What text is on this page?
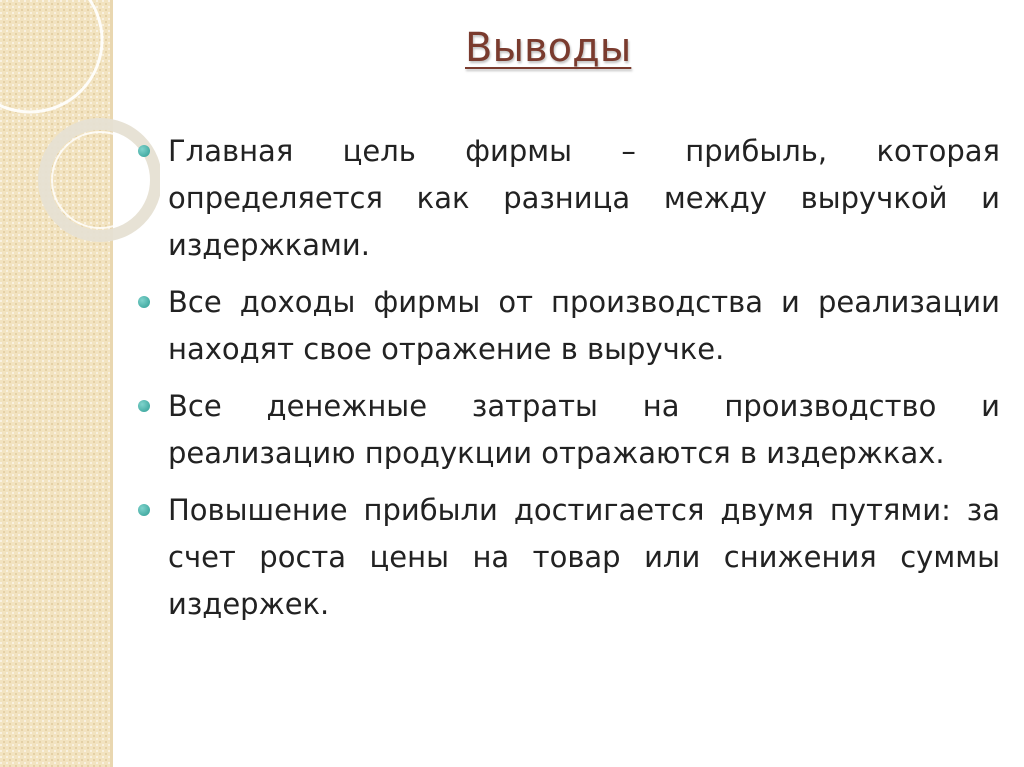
Выводы
Главная цель фирмы – прибыль, которая определяется как разница между выручкой и издержками.
Все доходы фирмы от производства и реализации находят свое отражение в выручке.
Все денежные затраты на производство и реализацию продукции отражаются в издержках.
Повышение прибыли достигается двумя путями: за счет роста цены на товар или снижения суммы издержек.
